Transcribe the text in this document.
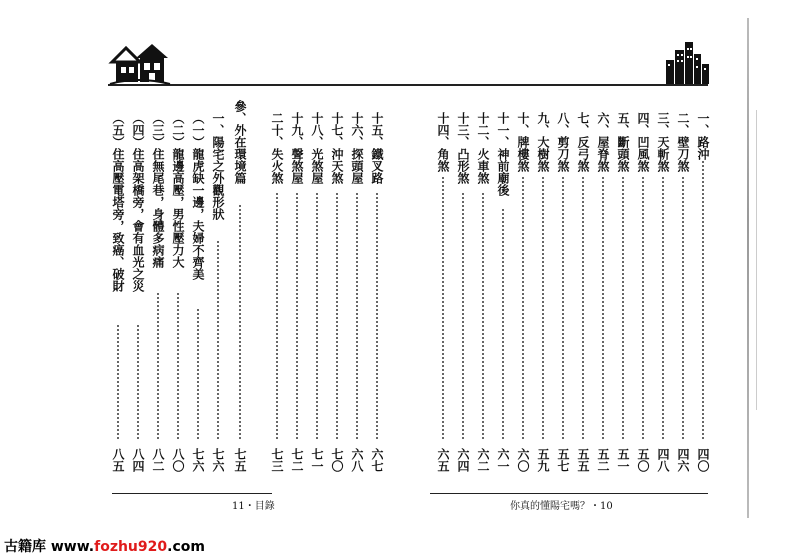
一、路沖
四〇
二、壁刀煞
四六
三、天斬煞
四八
四、凹風煞
五〇
五、斷頭煞
五一
六、屋脊煞
五二
七、反弓煞
五五
八、剪刀煞
五七
九、大樹煞
五九
十、牌樓煞
六〇
十一、神前廟後
六一
十二、火車煞
六二
十三、凸形煞
六四
十四、角煞
六五
十五、鐵叉路
六七
十六、探頭屋
六八
十七、沖天煞
七〇
十八、光煞屋
七一
十九、聲煞屋
七二
二十、失火煞
七三
參、外在環境篇
七五
一、陽宅之外觀形狀
七六
（一）龍虎缺一邊，夫婦不齊美
七六
（二）龍邊高壓，男性壓力大
八〇
（三）住無尾巷，身體多病痛
八二
（四）住高架橋旁，會有血光之災
八四
（五）住高壓電塔旁，致癌、破財
八五
11・目錄	你真的懂陽宅嗎？・10
古籍库 www.fozhu920.com
